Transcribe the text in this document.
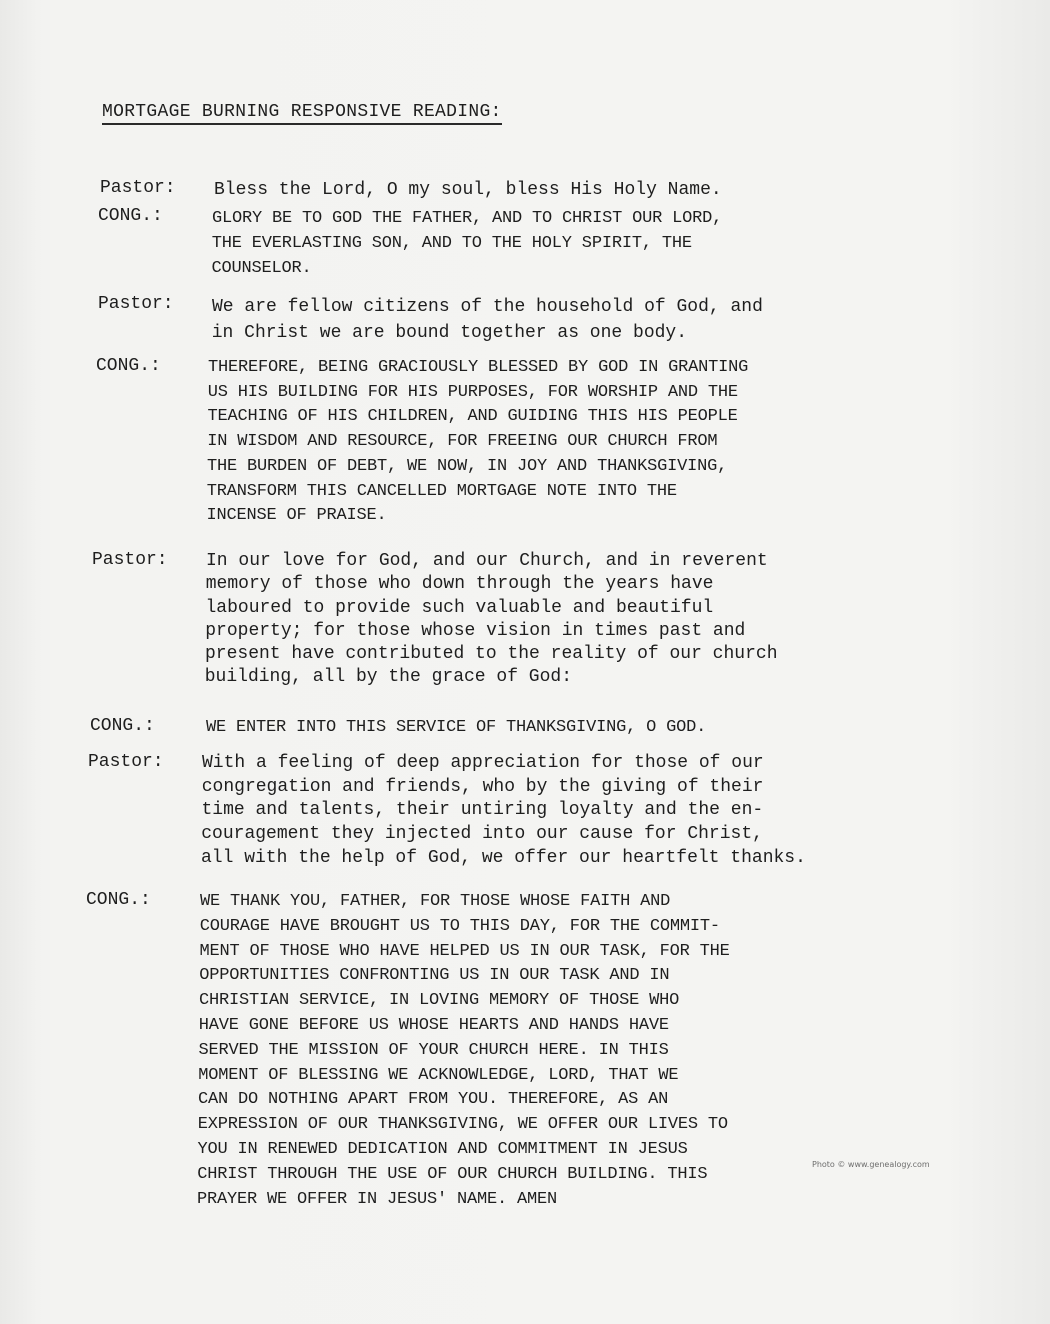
MORTGAGE BURNING RESPONSIVE READING:
Pastor: Bless the Lord, O my soul, bless His Holy Name.
CONG.:	GLORY BE TO GOD THE FATHER, AND TO CHRIST OUR LORD,
THE EVERLASTING SON, AND TO THE HOLY SPIRIT, THE
COUNSELOR.
Pastor: We are fellow citizens of the household of God, and
in Christ we are bound together as one body.
CONG.:	THEREFORE, BEING GRACIOUSLY BLESSED BY GOD IN GRANTING
US HIS BUILDING FOR HIS PURPOSES, FOR WORSHIP AND THE
TEACHING OF HIS CHILDREN, AND GUIDING THIS HIS PEOPLE
IN WISDOM AND RESOURCE, FOR FREEING OUR CHURCH FROM
THE BURDEN OF DEBT, WE NOW, IN JOY AND THANKSGIVING,
TRANSFORM THIS CANCELLED MORTGAGE NOTE INTO THE
INCENSE OF PRAISE.
Pastor: In our love for God, and our Church, and in reverent
memory of those who down through the years have
laboured to provide such valuable and beautiful
property; for those whose vision in times past and
present have contributed to the reality of our church
building, all by the grace of God:
CONG.:	WE ENTER INTO THIS SERVICE OF THANKSGIVING, O GOD.
Pastor: With a feeling of deep appreciation for those of our
congregation and friends, who by the giving of their
time and talents, their untiring loyalty and the en-
couragement they injected into our cause for Christ,
all with the help of God, we offer our heartfelt thanks.
CONG.:	WE THANK YOU, FATHER, FOR THOSE WHOSE FAITH AND
COURAGE HAVE BROUGHT US TO THIS DAY, FOR THE COMMIT-
MENT OF THOSE WHO HAVE HELPED US IN OUR TASK, FOR THE
OPPORTUNITIES CONFRONTING US IN OUR TASK AND IN
CHRISTIAN SERVICE, IN LOVING MEMORY OF THOSE WHO
HAVE GONE BEFORE US WHOSE HEARTS AND HANDS HAVE
SERVED THE MISSION OF YOUR CHURCH HERE. IN THIS
MOMENT OF BLESSING WE ACKNOWLEDGE, LORD, THAT WE
CAN DO NOTHING APART FROM YOU. THEREFORE, AS AN
EXPRESSION OF OUR THANKSGIVING, WE OFFER OUR LIVES TO
YOU IN RENEWED DEDICATION AND COMMITMENT IN JESUS
CHRIST THROUGH THE USE OF OUR CHURCH BUILDING. THIS
PRAYER WE OFFER IN JESUS' NAME. AMEN
Photo © www.genealogy.com
